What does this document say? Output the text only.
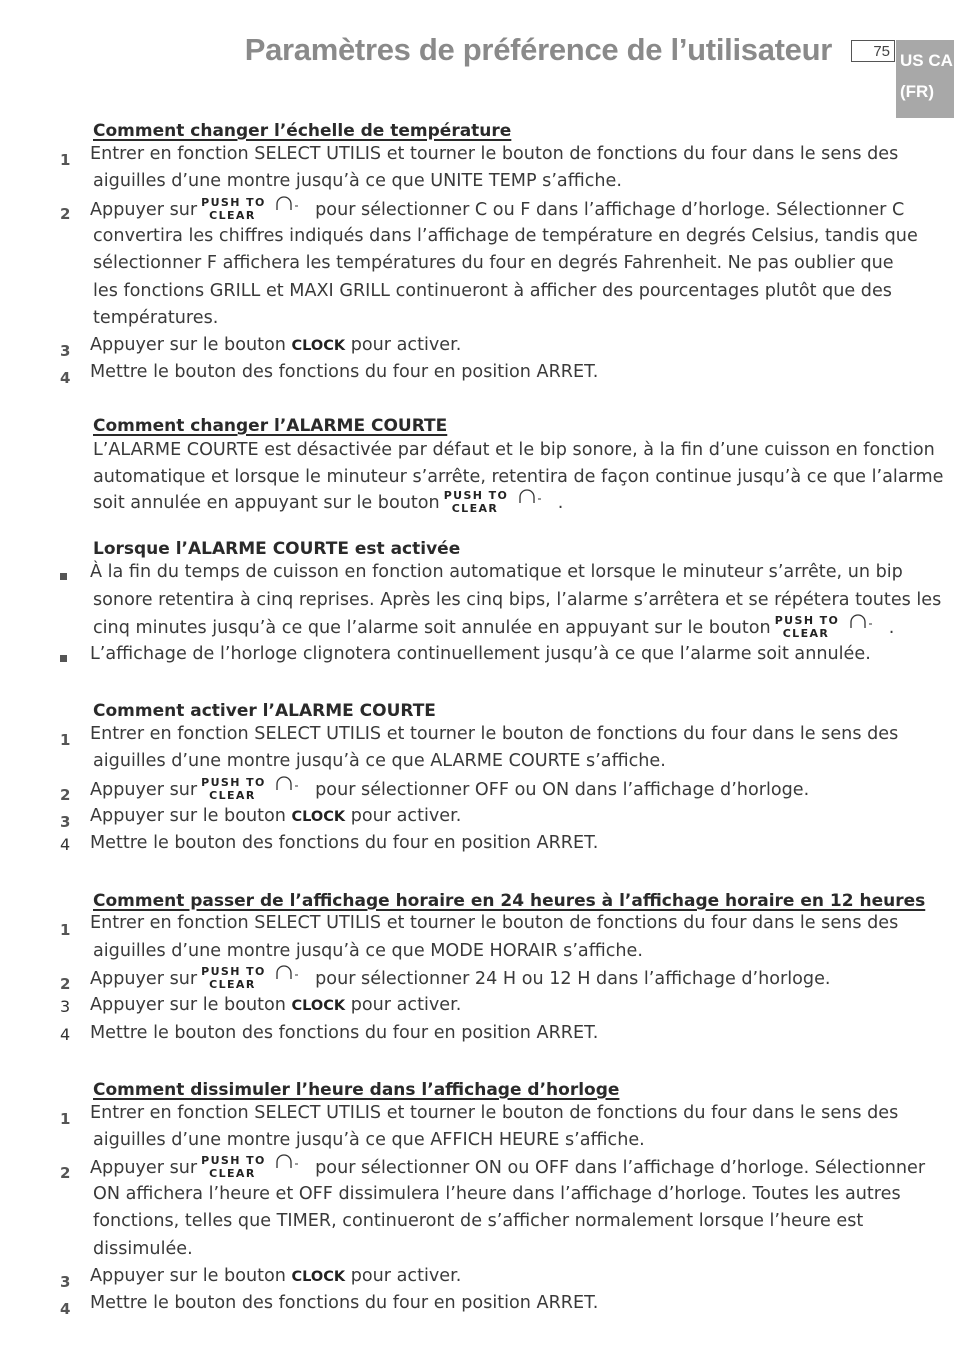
Paramètres de préférence de l’utilisateur	75 US CA
(FR)
Comment changer l’échelle de température
1 Entrer en fonction SELECT UTILIS et tourner le bouton de fonctions du four dans le sens des
aiguilles d’une montre jusqu’à ce que UNITE TEMP s’affiche.
2 Appuyer sur PUSH TO
CLEAR	pour sélectionner C ou F dans l’affichage d’horloge. Sélectionner C
convertira les chiffres indiqués dans l’affichage de température en degrés Celsius, tandis que
sélectionner F affichera les températures du four en degrés Fahrenheit. Ne pas oublier que
les fonctions GRILL et MAXI GRILL continueront à afficher des pourcentages plutôt que des
températures.
3 Appuyer sur le bouton CLOCK pour activer.
4 Mettre le bouton des fonctions du four en position ARRET.
Comment changer l’ALARME COURTE
L’ALARME COURTE est désactivée par défaut et le bip sonore, à la fin d’une cuisson en fonction
automatique et lorsque le minuteur s’arrête, retentira de façon continue jusqu’à ce que l’alarme
soit annulée en appuyant sur le bouton PUSH TO
CLEAR	.
Lorsque l’ALARME COURTE est activée
À la fin du temps de cuisson en fonction automatique et lorsque le minuteur s’arrête, un bip
sonore retentira à cinq reprises. Après les cinq bips, l’alarme s’arrêtera et se répétera toutes les
cinq minutes jusqu’à ce que l’alarme soit annulée en appuyant sur le bouton PUSH TO
CLEAR	.
L’affichage de l’horloge clignotera continuellement jusqu’à ce que l’alarme soit annulée.
Comment activer l’ALARME COURTE
1 Entrer en fonction SELECT UTILIS et tourner le bouton de fonctions du four dans le sens des
aiguilles d’une montre jusqu’à ce que ALARME COURTE s’affiche.
2 Appuyer sur PUSH TO
CLEAR	pour sélectionner OFF ou ON dans l’affichage d’horloge.
3 Appuyer sur le bouton CLOCK pour activer.
4 Mettre le bouton des fonctions du four en position ARRET.
Comment passer de l’affichage horaire en 24 heures à l’affichage horaire en 12 heures
1 Entrer en fonction SELECT UTILIS et tourner le bouton de fonctions du four dans le sens des
aiguilles d’une montre jusqu’à ce que MODE HORAIR s’affiche.
2 Appuyer sur PUSH TO
CLEAR	pour sélectionner 24 H ou 12 H dans l’affichage d’horloge.
3 Appuyer sur le bouton CLOCK pour activer.
4 Mettre le bouton des fonctions du four en position ARRET.
Comment dissimuler l’heure dans l’affichage d’horloge
1 Entrer en fonction SELECT UTILIS et tourner le bouton de fonctions du four dans le sens des
aiguilles d’une montre jusqu’à ce que AFFICH HEURE s’affiche.
2 Appuyer sur PUSH TO
CLEAR	pour sélectionner ON ou OFF dans l’affichage d’horloge. Sélectionner
ON affichera l’heure et OFF dissimulera l’heure dans l’affichage d’horloge. Toutes les autres
fonctions, telles que TIMER, continueront de s’afficher normalement lorsque l’heure est
dissimulée.
3 Appuyer sur le bouton CLOCK pour activer.
4 Mettre le bouton des fonctions du four en position ARRET.
